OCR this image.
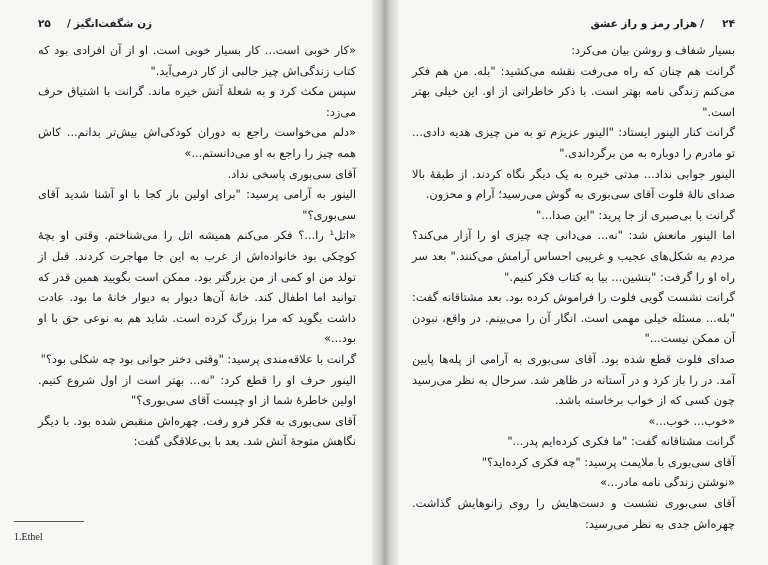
۲۴
/هزار رمز و راز عشق

بسیار شفاف و روشن بیان می‌کرد:

گرانت هم چنان که راه می‌رفت نقشه می‌کشید: "بله. من هم فکر می‌کنم زندگی نامه بهتر است. با ذکر خاطراتی از او. این خیلی بهتر است."

گرانت کنار الینور ایستاد: "الینور عزیزم تو به من چیزی هدیه دادی... تو مادرم را دوباره به من برگرداندی."

الینور جوابی نداد... مدتی خیره به یک دیگر نگاه کردند. از طبقهٔ بالا صدای نالهٔ فلوت آقای سی‌بوری به گوش می‌رسید؛ آرام و محزون.

گرانت با بی‌صبری از جا پرید: "این صدا..."

اما الینور مانعش شد: "نه... می‌دانی چه چیزی او را آزار می‌کند؟ مردم به شکل‌های عجیب و غریبی احساس آرامش می‌کنند." بعد سر راه او را گرفت: "بنشین... بیا به کتاب فکر کنیم."

گرانت نشست گویی فلوت را فراموش کرده بود. بعد مشتاقانه گفت: "بله... مسئله خیلی مهمی است. انگار آن را می‌بینم. در واقع، نبودن آن ممکن نیست..."

صدای فلوت قطع شده بود. آقای سی‌بوری به آرامی از پله‌ها پایین آمد. در را باز کرد و در آستانه در ظاهر شد. سرحال به نظر می‌رسید چون کسی که از خواب برخاسته باشد.

«خوب... خوب...»

گرانت مشتاقانه گفت: "ما فکری کرده‌ایم پدر..."

آقای سی‌بوری با ملایمت پرسید: "چه فکری کرده‌اید؟"

«نوشتن زندگی نامه مادر...»

آقای سی‌بوری نشست و دست‌هایش را روی زانوهایش گذاشت. چهره‌اش جدی به نظر می‌رسید:

۲۵	زن شگفت‌انگیز/

«کار خوبی است... کار بسیار خوبی است. او از آن افرادی بود که کتاب زندگی‌اش چیز جالبی از کار درمی‌آید."

سپس مکث کرد و به شعلهٔ آتش خیره ماند. گرانت با اشتیاق حرف می‌زد:

«دلم می‌خواست راجع به دوران کودکی‌اش بیش‌تر بدانم... کاش همه چیز را راجع به او می‌دانستم...»

آقای سی‌بوری پاسخی نداد.

الینور به آرامی پرسید: "برای اولین بار کجا با او آشنا شدید آقای سی‌بوری؟"

«اتل¹ را...؟ فکر می‌کنم همیشه اتل را می‌شناختم. وقتی او بچهٔ کوچکی بود خانواده‌اش از غرب به این جا مهاجرت کردند. قبل از تولد من او کمی از من بزرگتر بود. ممکن است بگویید همین قدر که توانید اما اطفال کند. خانهٔ آن‌ها دیوار به دیوار خانهٔ ما بود. عادت داشت بگوید که مرا بزرگ کرده است. شاید هم به نوعی حق با او بود...»

گرانت با علاقه‌مندی پرسید: "وقتی دختر جوانی بود چه شکلی بود؟"

الینور حرف او را قطع کرد: "نه... بهتر است از اول شروع کنیم. اولین خاطرهٔ شما از او چیست آقای سی‌بوری؟"

آقای سی‌بوری به فکر فرو رفت. چهره‌اش منقبض شده بود. با دیگر نگاهش متوجهٔ آتش شد. بعد با بی‌علاقگی گفت:

1.Ethel
